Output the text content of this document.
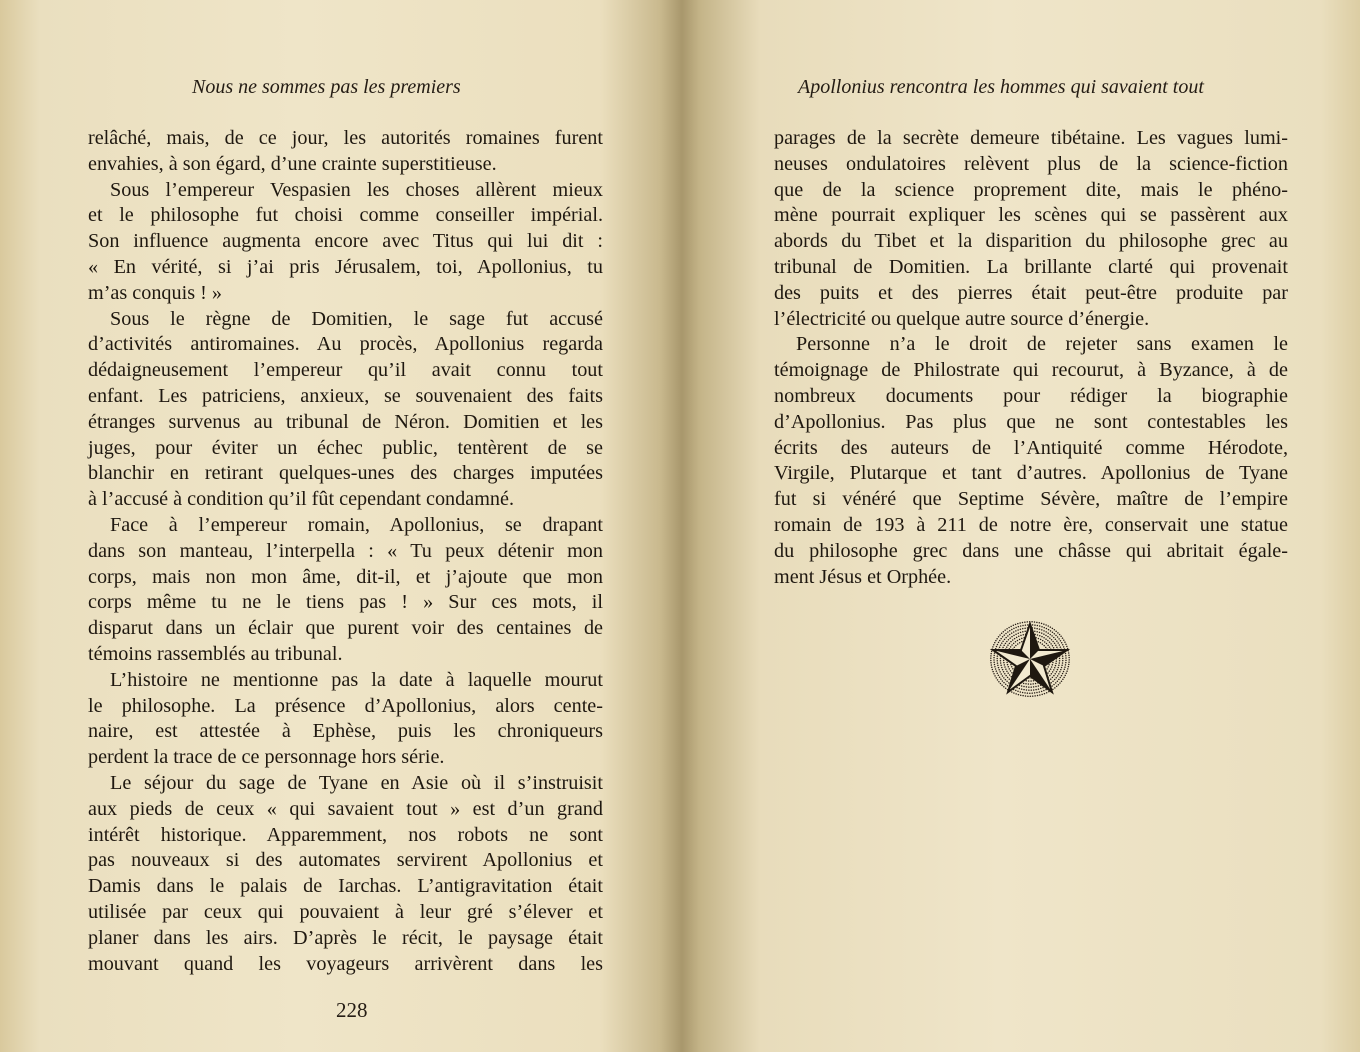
Nous ne sommes pas les premiers
relâché, mais, de ce jour, les autorités romaines furent
envahies, à son égard, d’une crainte superstitieuse.
Sous l’empereur Vespasien les choses allèrent mieux
et le philosophe fut choisi comme conseiller impérial.
Son influence augmenta encore avec Titus qui lui dit :
« En vérité, si j’ai pris Jérusalem, toi, Apollonius, tu
m’as conquis ! »
Sous le règne de Domitien, le sage fut accusé
d’activités antiromaines. Au procès, Apollonius regarda
dédaigneusement l’empereur qu’il avait connu tout
enfant. Les patriciens, anxieux, se souvenaient des faits
étranges survenus au tribunal de Néron. Domitien et les
juges, pour éviter un échec public, tentèrent de se
blanchir en retirant quelques-unes des charges imputées
à l’accusé à condition qu’il fût cependant condamné.
Face à l’empereur romain, Apollonius, se drapant
dans son manteau, l’interpella : « Tu peux détenir mon
corps, mais non mon âme, dit-il, et j’ajoute que mon
corps même tu ne le tiens pas ! » Sur ces mots, il
disparut dans un éclair que purent voir des centaines de
témoins rassemblés au tribunal.
L’histoire ne mentionne pas la date à laquelle mourut
le philosophe. La présence d’Apollonius, alors cente-
naire, est attestée à Ephèse, puis les chroniqueurs
perdent la trace de ce personnage hors série.
Le séjour du sage de Tyane en Asie où il s’instruisit
aux pieds de ceux « qui savaient tout » est d’un grand
intérêt historique. Apparemment, nos robots ne sont
pas nouveaux si des automates servirent Apollonius et
Damis dans le palais de Iarchas. L’antigravitation était
utilisée par ceux qui pouvaient à leur gré s’élever et
planer dans les airs. D’après le récit, le paysage était
mouvant quand les voyageurs arrivèrent dans les
228
Apollonius rencontra les hommes qui savaient tout
parages de la secrète demeure tibétaine. Les vagues lumi-
neuses ondulatoires relèvent plus de la science-fiction
que de la science proprement dite, mais le phéno-
mène pourrait expliquer les scènes qui se passèrent aux
abords du Tibet et la disparition du philosophe grec au
tribunal de Domitien. La brillante clarté qui provenait
des puits et des pierres était peut-être produite par
l’électricité ou quelque autre source d’énergie.
Personne n’a le droit de rejeter sans examen le
témoignage de Philostrate qui recourut, à Byzance, à de
nombreux documents pour rédiger la biographie
d’Apollonius. Pas plus que ne sont contestables les
écrits des auteurs de l’Antiquité comme Hérodote,
Virgile, Plutarque et tant d’autres. Apollonius de Tyane
fut si vénéré que Septime Sévère, maître de l’empire
romain de 193 à 211 de notre ère, conservait une statue
du philosophe grec dans une châsse qui abritait égale-
ment Jésus et Orphée.
